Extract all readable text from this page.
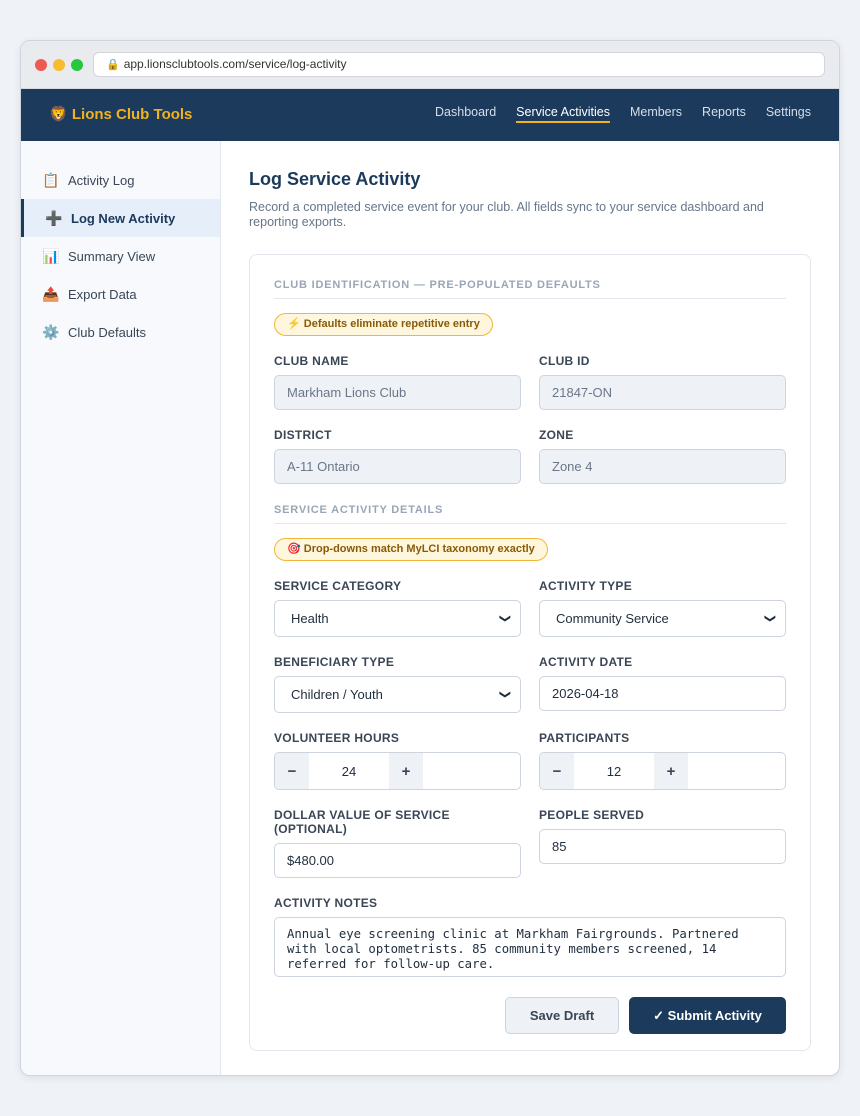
🔒 app.lionsclubtools.com/service/log-activity
🦁 Lions Club Tools	Dashboard Service Activities Members Reports Settings
📋 Activity Log
➕ Log New Activity
📊 Summary View
📤 Export Data
⚙️ Club Defaults
Log Service Activity

Record a completed service event for your club. All fields sync to your service dashboard and reporting exports.

CLUB IDENTIFICATION — PRE-POPULATED DEFAULTS
⚡ Defaults eliminate repetitive entry
CLUB NAME
Markham Lions Club
CLUB ID
21847-ON
DISTRICT
A-11 Ontario
ZONE
Zone 4
SERVICE ACTIVITY DETAILS
🎯 Drop-downs match MyLCI taxonomy exactly
SERVICE CATEGORY
Health	❯
ACTIVITY TYPE
Community Service	❯
BENEFICIARY TYPE
Children / Youth	❯
ACTIVITY DATE
2026-04-18
VOLUNTEER HOURS
−	24	+
PARTICIPANTS
−	12	+
DOLLAR VALUE OF SERVICE (OPTIONAL)
$480.00
PEOPLE SERVED
85
ACTIVITY NOTES
Annual eye screening clinic at Markham Fairgrounds. Partnered with local optometrists. 85 community members screened, 14 referred for follow-up care.
Save Draft	✓ Submit Activity
